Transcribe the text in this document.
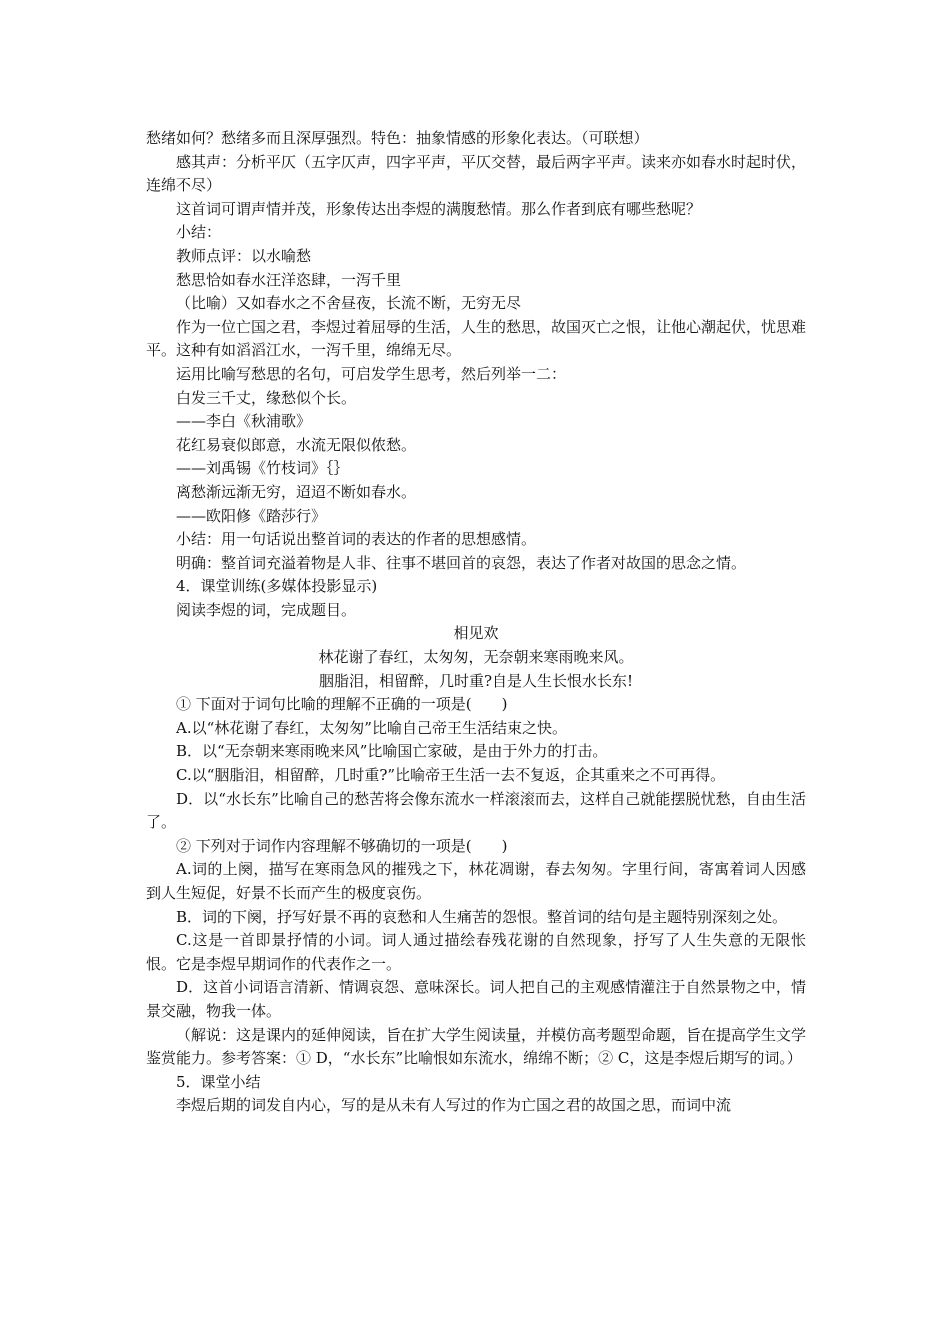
愁绪如何？愁绪多而且深厚强烈。特色：抽象情感的形象化表达。（可联想）

感其声：分析平仄（五字仄声，四字平声，平仄交替，最后两字平声。读来亦如春水时起时伏，连绵不尽）

这首词可谓声情并茂，形象传达出李煜的满腹愁情。那么作者到底有哪些愁呢？

小结：

教师点评：以水喻愁

愁思恰如春水汪洋恣肆，一泻千里

（比喻）又如春水之不舍昼夜，长流不断，无穷无尽

作为一位亡国之君，李煜过着屈辱的生活，人生的愁思，故国灭亡之恨，让他心潮起伏，忧思难平。这种有如滔滔江水，一泻千里，绵绵无尽。

运用比喻写愁思的名句，可启发学生思考，然后列举一二：

白发三千丈，缘愁似个长。

——李白《秋浦歌》

花红易衰似郎意，水流无限似侬愁。

——刘禹锡《竹枝词》｛｝

离愁渐远渐无穷，迢迢不断如春水。

——欧阳修《踏莎行》

小结：用一句话说出整首词的表达的作者的思想感情。

明确：整首词充溢着物是人非、往事不堪回首的哀怨，表达了作者对故国的思念之情。

4．课堂训练(多媒体投影显示)

阅读李煜的词，完成题目。

相见欢

林花谢了春红，太匆匆，无奈朝来寒雨晚来风。

胭脂泪，相留醉，几时重?自是人生长恨水长东!

① 下面对于词句比喻的理解不正确的一项是(　　)

A.以“林花谢了春红，太匆匆”比喻自己帝王生活结束之快。

B．以“无奈朝来寒雨晚来风”比喻国亡家破，是由于外力的打击。

C.以“胭脂泪，相留醉，几时重?”比喻帝王生活一去不复返，企其重来之不可再得。

D．以“水长东”比喻自己的愁苦将会像东流水一样滚滚而去，这样自己就能摆脱忧愁，自由生活了。

② 下列对于词作内容理解不够确切的一项是(　　)

A.词的上阕，描写在寒雨急风的摧残之下，林花凋谢，春去匆匆。字里行间，寄寓着词人因感到人生短促，好景不长而产生的极度哀伤。

B．词的下阕，抒写好景不再的哀愁和人生痛苦的怨恨。整首词的结句是主题特别深刻之处。

C.这是一首即景抒情的小词。词人通过描绘春残花谢的自然现象，抒写了人生失意的无限怅恨。它是李煜早期词作的代表作之一。

D．这首小词语言清新、情调哀怨、意味深长。词人把自己的主观感情灌注于自然景物之中，情景交融，物我一体。

（解说：这是课内的延伸阅读，旨在扩大学生阅读量，并模仿高考题型命题，旨在提高学生文学鉴赏能力。参考答案：① D，“水长东”比喻恨如东流水，绵绵不断；② C，这是李煜后期写的词。）

5．课堂小结

李煜后期的词发自内心，写的是从未有人写过的作为亡国之君的故国之思，而词中流
